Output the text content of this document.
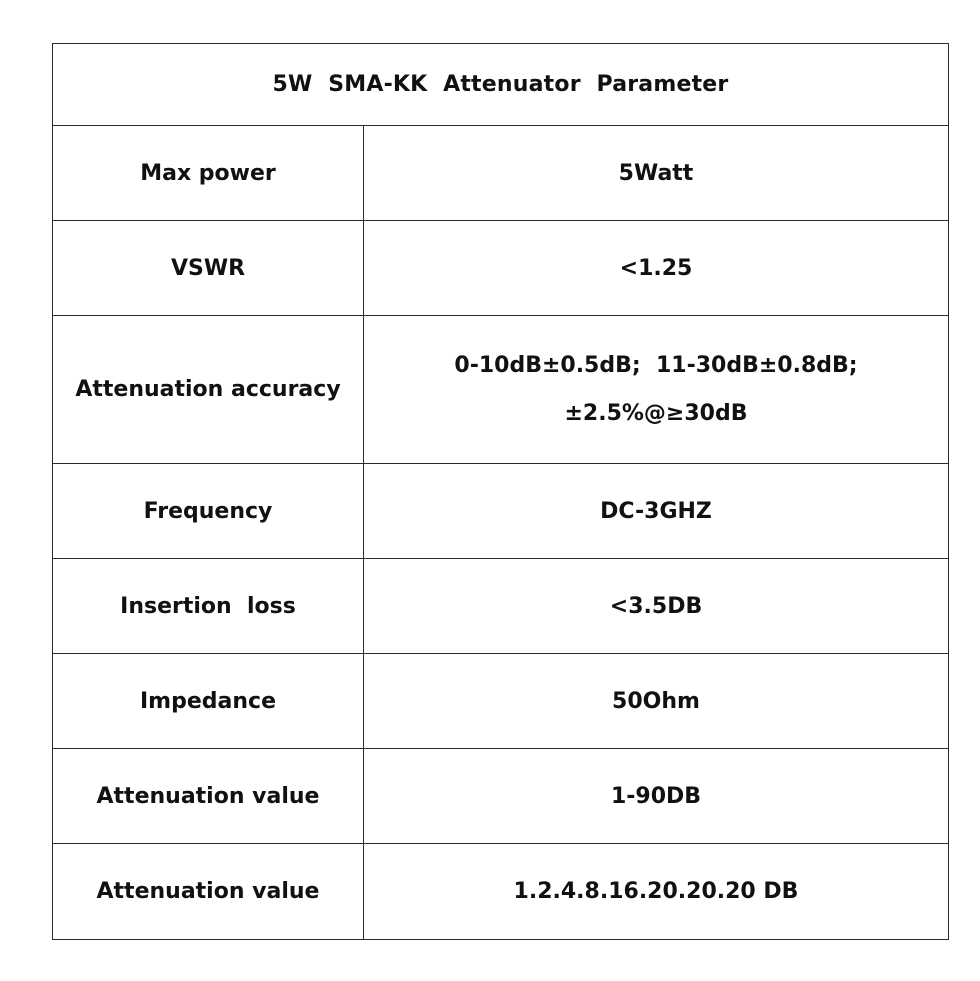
5W  SMA-KK  Attenuator  Parameter	
Max power	5Watt
VSWR	<1.25
Attenuation accuracy	0-10dB±0.5dB;  11-30dB±0.8dB;
±2.5%@≥30dB

Frequency	DC-3GHZ
Insertion  loss	<3.5DB
Impedance	50Ohm
Attenuation value	1-90DB
Attenuation value	1.2.4.8.16.20.20.20 DB
